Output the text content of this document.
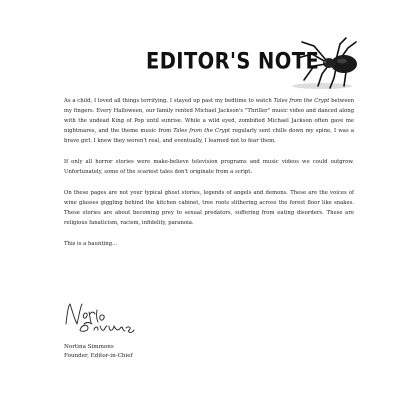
EDITOR'S NOTE

As a child, I loved all things terrifying. I stayed up past my bedtime to watch Tales from the Crypt between my fingers. Every Halloween, our family rented Michael Jackson's "Thriller" music video and danced along with the undead King of Pop until sunrise. While a wild eyed, zombified Michael Jackson often gave me nightmares, and the theme music from Tales from the Crypt regularly sent chills down my spine, I was a brave girl. I knew they weren't real, and eventually, I learned not to fear them.

If only all horror stories were make-believe television programs and music videos we could outgrow. Unfortunately, some of the scariest tales don't originate from a script.

On these pages are not your typical ghost stories, legends of angels and demons. These are the voices of wine glasses giggling behind the kitchen cabinet, tree roots slithering across the forest floor like snakes. These stories are about becoming prey to sexual predators, suffering from eating disorders. These are religious fanaticism, racism, infidelity, paranoia.

This is a haunting...

Nortina Simmons
Founder, Editor-in-Chief
